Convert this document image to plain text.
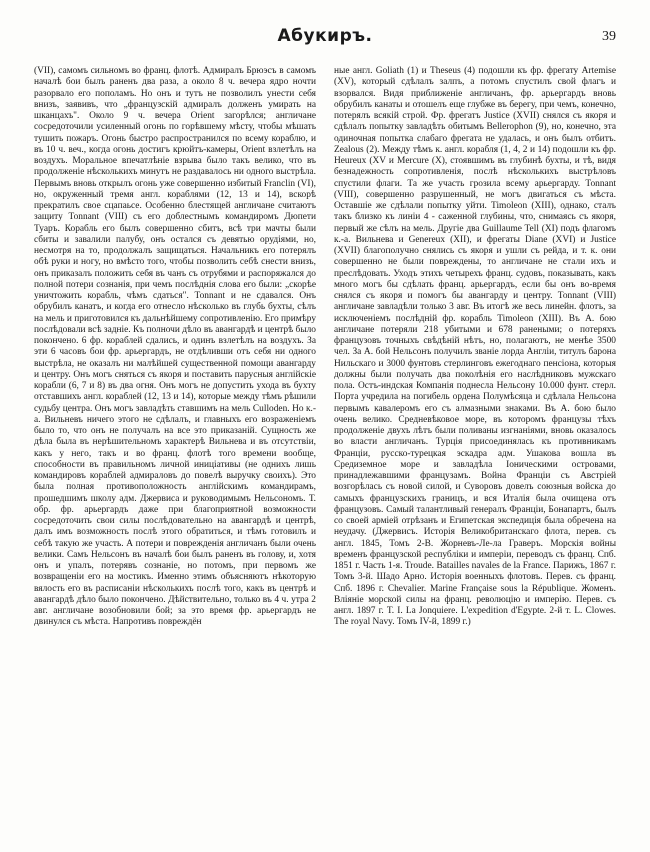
Абукиръ.	39

(VII), самомъ сильномъ во франц. флотѣ. Адмиралъ Брюэсъ в самомъ началѣ бои былъ раненъ два раза, а около 8 ч. вечера ядро ночти разорвало его пополамъ. Но онъ и тутъ не позволилъ унести себя внизъ, заявивъ, что „французскій адмиралъ долженъ умирать на шканцахъ". Около 9 ч. вечера Orient загорѣлся; англичане сосредоточили усиленный огонь по горѣвшему мѣсту, чтобы мѣшать тушить пожаръ. Огонь быстро распространился по всему кораблю, и въ 10 ч. веч., когда огонь достигъ крюйтъ-камеры, Orient взлетѣлъ на воздухъ. Моральное впечатлѣніе взрыва было такъ велико, что въ продолженіе нѣсколькихъ минутъ не раздавалось ни одного выстрѣла. Первымъ вновь открылъ огонь уже совершенно избитый Franclin (VI), но, окруженный тремя англ. кораблями (12, 13 и 14), вскорѣ прекратилъ свое сцапаьсе. Особенно блестящей англичане считаютъ защиту Tonnant (VIII) съ его доблестнымъ командиромъ Дюпети Туаръ. Корабль его былъ совершенно сбитъ, всѣ три мачты были сбиты и завалили палубу, онъ остался съ девятью орудіями, но, несмотря на то, продолжалъ защищаться. Начальникъ его потерялъ обѣ руки и ногу, но вмѣсто того, чтобы позволить себѣ снести внизъ, онъ приказалъ положить себя въ чанъ съ отрубями и распоряжался до полной потери сознанія, при чемъ послѣднія слова его были: „скорѣе уничтожить корабль, чѣмъ сдаться". Tonnant и не сдавался. Онъ обрубилъ канатъ, и когда его отнесло нѣсколько въ глубь бухты, сѣлъ на мель и приготовился къ дальнѣйшему сопротивленію. Его примѣру послѣдовали всѣ задніе. Къ полночи дѣло въ авангардѣ и центрѣ было покончено. 6 фр. кораблей сдались, и одинъ взлетѣлъ на воздухъ. За эти 6 часовъ бои фр. арьергардъ, не отдѣливши отъ себя ни одного выстрѣла, не оказалъ ни малѣйшей существенной помощи авангарду и центру. Онъ могъ сняться съ якоря и поставить парусныя англійскіе корабли (6, 7 и 8) въ два огня. Онъ могъ не допустить ухода въ бухту отставшихъ англ. кораблей (12, 13 и 14), которые между тѣмъ рѣшили судьбу центра. Онъ могъ завладѣть ставшимъ на мель Culloden. Но к.-а. Вильневъ ничего этого не сдѣлалъ, и главныхъ его возраженіемъ было то, что онъ не получалъ на все это приказаній. Сущность же дѣла была въ нерѣшительномъ характерѣ Вильнева и въ отсутствіи, какъ у него, такъ и во франц. флотѣ того времени вообще, способности въ правильномъ личной иниціативы (не однихъ лишь командировъ кораблей адмираловъ до повелѣ выручку своихъ). Это была полная противоположность англійскимъ командирамъ, прошедшимъ школу адм. Джервиса и руководимымъ Нельсономъ. Т. обр. фр. арьергардъ даже при благоприятной возможности сосредоточить свои силы послѣдовательно на авангардѣ и центрѣ, далъ имъ возможность послѣ этого обратиться, и тѣмъ готовилъ и себѣ такую же участь. А потери и поврежденія англичанъ были очень велики. Самъ Нельсонъ въ началѣ бои былъ раненъ въ голову, и, хотя онъ и упалъ, потерявъ сознаніе, но потомъ, при первомъ же возвращеніи его на мостикъ. Именно этимъ объясняютъ нѣкоторую вялость его въ расписаніи нѣсколькихъ послѣ того, какъ въ центрѣ и авангардѣ дѣло было покончено. Дѣйствительно, только въ 4 ч. утра 2 авг. англичане возобновили бой; за это время фр. арьергардъ не двинулся съ мѣста. Напротивъ повреждён

ные англ. Goliath (1) и Theseus (4) подошли къ фр. фрегату Artemise (XV), который сдѣлалъ залпъ, а потомъ спустилъ свой флагъ и взорвался. Видя приближеніе англичанъ, фр. арьергардъ вновь обрубилъ канаты и отошелъ еще глубже въ берегу, при чемъ, конечно, потерялъ всякій строй. Фр. фрегатъ Justice (XVII) снялся съ якоря и сдѣлалъ попытку завладѣть обитымъ Bellerophon (9), но, конечно, эта одиночная попытка слабаго фрегата не удалась, и онъ былъ отбитъ. Zealous (2). Между тѣмъ к. англ. корабля (1, 4, 2 и 14) подошли къ фр. Heureux (XV и Mercure (X), стоявшимъ въ глубинѣ бухты, и тѣ, видя безнадежность сопротивленія, послѣ нѣсколькихъ выстрѣловъ спустили флаги. Та же участь грозила всему арьергарду. Tonnant (VIII), совершенно разрушенный, не могъ двигаться съ мѣста. Оставшіе же сдѣлали попытку уйти. Timoleon (XIII), однако, сталъ такъ близко къ линіи 4 - саженной глубины, что, снимаясь съ якоря, первый же сѣлъ на мель. Другіе два Guillaume Tell (XI) подъ флагомъ к.-а. Вильнева и Genereux (XII), и фрегаты Diane (XVI) и Justice (XVII) благополучно снялись съ якоря и ушли съ рейда, и т. к. они совершенно не были повреждены, то англичане не стали ихъ и преслѣдовать. Уходъ этихъ четырехъ франц. судовъ, показывать, какъ много могъ бы сдѣлать франц. арьергардъ, если бы онъ во-время снялся съ якоря и помогъ бы авангарду и центру. Tonnant (VIII) англичане завладѣли только 3 авг. Въ итогѣ же весь линейн. флотъ, за исключеніемъ послѣдній фр. корабль Timoleon (XIII). Въ А. бою англичане потеряли 218 убитыми и 678 ранеными; о потеряхъ французовъ точныхъ свѣдѣній нѣтъ, но, полагаютъ, не менѣе 3500 чел. За А. бой Нельсонъ получилъ званіе лорда Англіи, титулъ барона Нильскаго и 3000 фунтовъ стерлинговъ ежегоднаго пенсіона, которыя должны были получать два поколѣнія его наслѣдниковъ мужскаго пола. Остъ-индская Компанія поднесла Нельсону 10.000 фунт. стерл. Порта учредила на погибель ордена Полумѣсяца и сдѣлала Нельсона первымъ кавалеромъ его съ алмазными знаками. Въ А. бою было очень велико. Средневѣковое море, въ которомъ французы тѣхъ продолженіе двухъ лѣтъ были поливаны изгнаніями, вновь оказалось во власти англичанъ. Турція присоединялась къ противникамъ Франціи, русско-турецкая эскадра адм. Ушакова вошла въ Средиземное море и завладѣла Іоническими островами, принадлежавшими французамъ. Война Франціи съ Австріей возгорѣлась съ новой силой, и Суворовъ довелъ союзныя войска до самыхъ французскихъ границъ, и вся Италія была очищена отъ французовъ. Самый талантливый генералъ Франціи, Бонапартъ, былъ со своей арміей отрѣзанъ и Египетская экспедиція была обречена на неудачу. (Джервисъ. Исторія Великобританскаго флота, перев. съ англ. 1845, Томъ 2-В. Жорневъ-Ле-ла Граверъ. Морскія войны временъ французской республіки и имперіи, переводъ съ франц. Спб. 1851 г. Часть 1-я. Troude. Batailles navales de la France. Парижъ, 1867 г. Томъ 3-й. Шадо Арно. Исторія военныхъ флотовъ. Перев. съ франц. Спб. 1896 г. Chevalier. Marine Française sous la République. Жоменъ. Вліяніе морской силы на франц. революцію и имперію. Перев. съ англ. 1897 г. Т. I. La Jonquiere. L'expedition d'Egypte. 2-й т. L. Clowes. The royal Navy. Томъ IV-й, 1899 г.)
